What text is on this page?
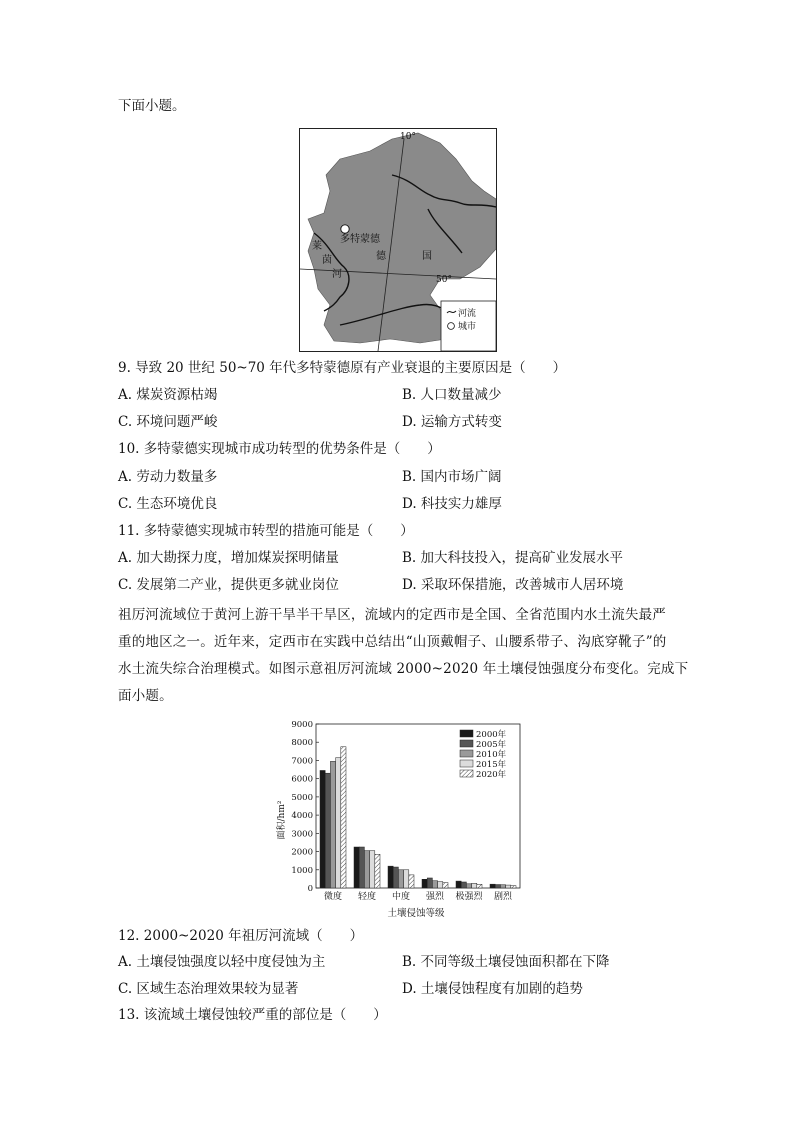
下面小题。
多特蒙德
10°
50°
莱
茵
河
德	国
河流
城市
9. 导致 20 世纪 50~70 年代多特蒙德原有产业衰退的主要原因是（　　）
A. 煤炭资源枯竭	B. 人口数量减少
C. 环境问题严峻	D. 运输方式转变
10. 多特蒙德实现城市成功转型的优势条件是（　　）
A. 劳动力数量多	B. 国内市场广阔
C. 生态环境优良	D. 科技实力雄厚
11. 多特蒙德实现城市转型的措施可能是（　　）
A. 加大勘探力度，增加煤炭探明储量	B. 加大科技投入，提高矿业发展水平
C. 发展第二产业，提供更多就业岗位	D. 采取环保措施，改善城市人居环境
祖厉河流域位于黄河上游干旱半干旱区，流域内的定西市是全国、全省范围内水土流失最严
重的地区之一。近年来，定西市在实践中总结出“山顶戴帽子、山腰系带子、沟底穿靴子”的
水土流失综合治理模式。如图示意祖厉河流域 2000~2020 年土壤侵蚀强度分布变化。完成下
面小题。
面积/hm²
土壤侵蚀等级
0
1000
2000
3000
4000
5000
6000
7000
8000
9000
微度 轻度 中度 强烈 极强烈 剧烈
2000年
2005年
2010年
2015年
2020年
12. 2000~2020 年祖厉河流域（　　）
A. 土壤侵蚀强度以轻中度侵蚀为主	B. 不同等级土壤侵蚀面积都在下降
C. 区域生态治理效果较为显著	D. 土壤侵蚀程度有加剧的趋势
13. 该流域土壤侵蚀较严重的部位是（　　）
